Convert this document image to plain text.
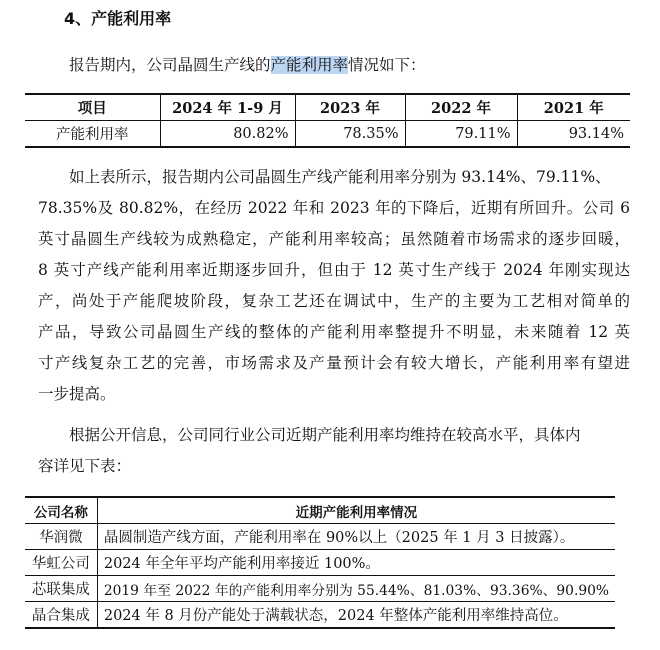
4、产能利用率

报告期内，公司晶圆生产线的产能利用率情况如下：

项目	2024 年 1-9 月	2023 年	2022 年	2021 年
产能利用率	80.82%	78.35%	79.11%	93.14%
如上表所示，报告期内公司晶圆生产线产能利用率分别为 93.14%、79.11%、
78.35%及 80.82%，在经历 2022 年和 2023 年的下降后，近期有所回升。公司 6
英寸晶圆生产线较为成熟稳定，产能利用率较高；虽然随着市场需求的逐步回暖，
8 英寸产线产能利用率近期逐步回升，但由于 12 英寸生产线于 2024 年刚实现达
产，尚处于产能爬坡阶段，复杂工艺还在调试中，生产的主要为工艺相对简单的
产品，导致公司晶圆生产线的整体的产能利用率整提升不明显，未来随着 12 英
寸产线复杂工艺的完善，市场需求及产量预计会有较大增长，产能利用率有望进
一步提高。
根据公开信息，公司同行业公司近期产能利用率均维持在较高水平，具体内
容详见下表：
公司名称	近期产能利用率情况
华润微	晶圆制造产线方面，产能利用率在 90%以上（2025 年 1 月 3 日披露）。
华虹公司	2024 年全年平均产能利用率接近 100%。
芯联集成	2019 年至 2022 年的产能利用率分别为 55.44%、81.03%、93.36%、90.90%
晶合集成	2024 年 8 月份产能处于满载状态，2024 年整体产能利用率维持高位。
